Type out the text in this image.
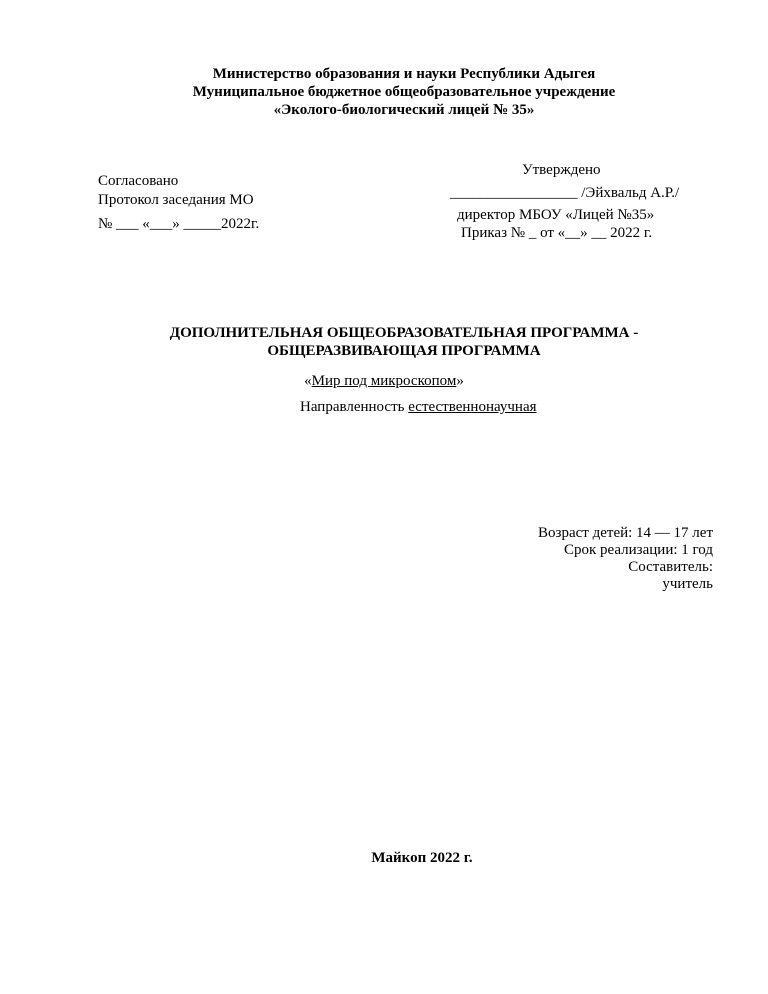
Министерство образования и науки Республики Адыгея
Муниципальное бюджетное общеобразовательное учреждение
«Эколого-биологический лицей № 35»
Согласовано
Протокол заседания МО
№ ___ «___» _____2022г.
Утверждено
_________________ /Эйхвальд А.Р./
директор МБОУ «Лицей №35»
Приказ № _ от «__» __ 2022 г.
ДОПОЛНИТЕЛЬНАЯ ОБЩЕОБРАЗОВАТЕЛЬНАЯ ПРОГРАММА -
ОБЩЕРАЗВИВАЮЩАЯ ПРОГРАММА
«Мир под микроскопом»
Направленность естественнонаучная
Возраст детей: 14 — 17 лет
Срок реализации: 1 год
Составитель:
учитель
Майкоп 2022 г.
